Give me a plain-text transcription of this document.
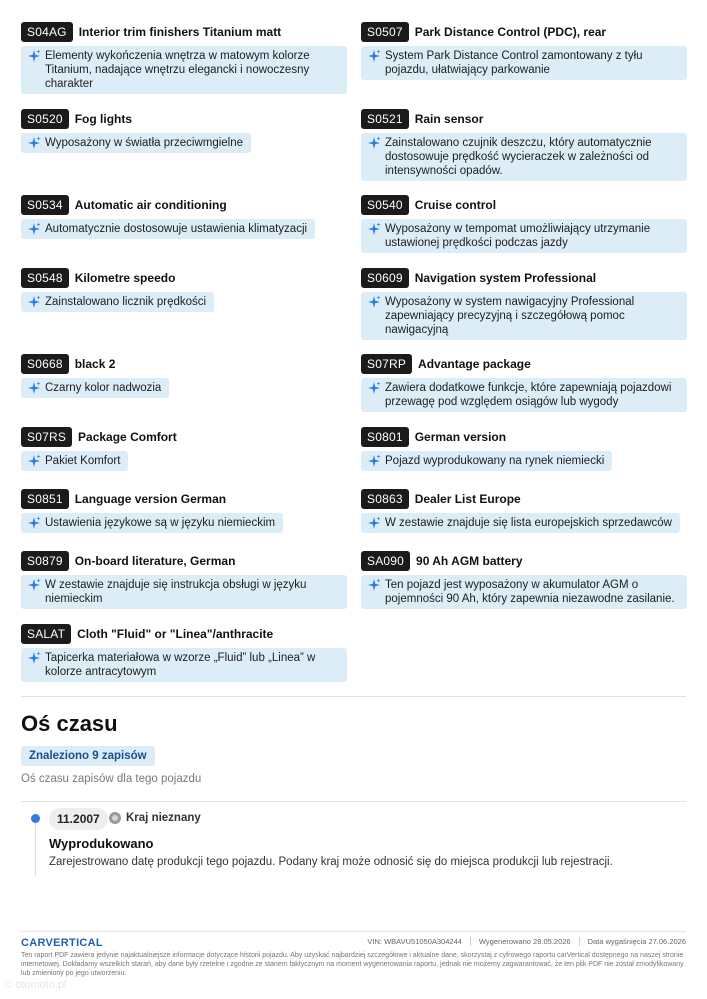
S04AG	Interior trim finishers Titanium matt
Elementy wykończenia wnętrza w matowym kolorze Titanium, nadające wnętrzu elegancki i nowoczesny charakter
S0520	Fog lights
Wyposażony w światła przeciwmgielne
S0534	Automatic air conditioning
Automatycznie dostosowuje ustawienia klimatyzacji
S0548	Kilometre speedo
Zainstalowano licznik prędkości
S0668	black 2
Czarny kolor nadwozia
S07RS	Package Comfort
Pakiet Komfort
S0851	Language version German
Ustawienia językowe są w języku niemieckim
S0879	On-board literature, German
W zestawie znajduje się instrukcja obsługi w języku niemieckim
SALAT	Cloth "Fluid" or "Linea"/anthracite
Tapicerka materiałowa w wzorze „Fluid” lub „Linea” w kolorze antracytowym
S0507	Park Distance Control (PDC), rear
System Park Distance Control zamontowany z tyłu pojazdu, ułatwiający parkowanie
S0521	Rain sensor
Zainstalowano czujnik deszczu, który automatycznie dostosowuje prędkość wycieraczek w zależności od intensywności opadów.
S0540	Cruise control
Wyposażony w tempomat umożliwiający utrzymanie ustawionej prędkości podczas jazdy
S0609	Navigation system Professional
Wyposażony w system nawigacyjny Professional zapewniający precyzyjną i szczegółową pomoc nawigacyjną
S07RP	Advantage package
Zawiera dodatkowe funkcje, które zapewniają pojazdowi przewagę pod względem osiągów lub wygody
S0801	German version
Pojazd wyprodukowany na rynek niemiecki
S0863	Dealer List Europe
W zestawie znajduje się lista europejskich sprzedawców
SA090	90 Ah AGM battery
Ten pojazd jest wyposażony w akumulator AGM o pojemności 90 Ah, który zapewnia niezawodne zasilanie.
Oś czasu
Znaleziono 9 zapisów
Oś czasu zapisów dla tego pojazdu
11.2007	Kraj nieznany
Wyprodukowano
Zarejestrowano datę produkcji tego pojazdu. Podany kraj może odnosić się do miejsca produkcji lub rejestracji.
CARVERTICAL	VIN: WBAVU51050A304244	Wygenerowano 28.05.2026	Data wygaśnięcia 27.06.2026
Ten raport PDF zawiera jedynie najaktualniejsze informacje dotyczące historii pojazdu. Aby uzyskać najbardziej szczegółowe i aktualne dane, skorzystaj z cyfrowego raportu carVertical dostępnego na naszej stronie internetowej. Dokładamy wszelkich starań, aby dane były rzetelne i zgodne ze stanem faktycznym na moment wygenerowania raportu, jednak nie możemy zagwarantować, że ten plik PDF nie został zmodyfikowany lub zmieniony po jego utworzeniu.
© otomoto.pl
